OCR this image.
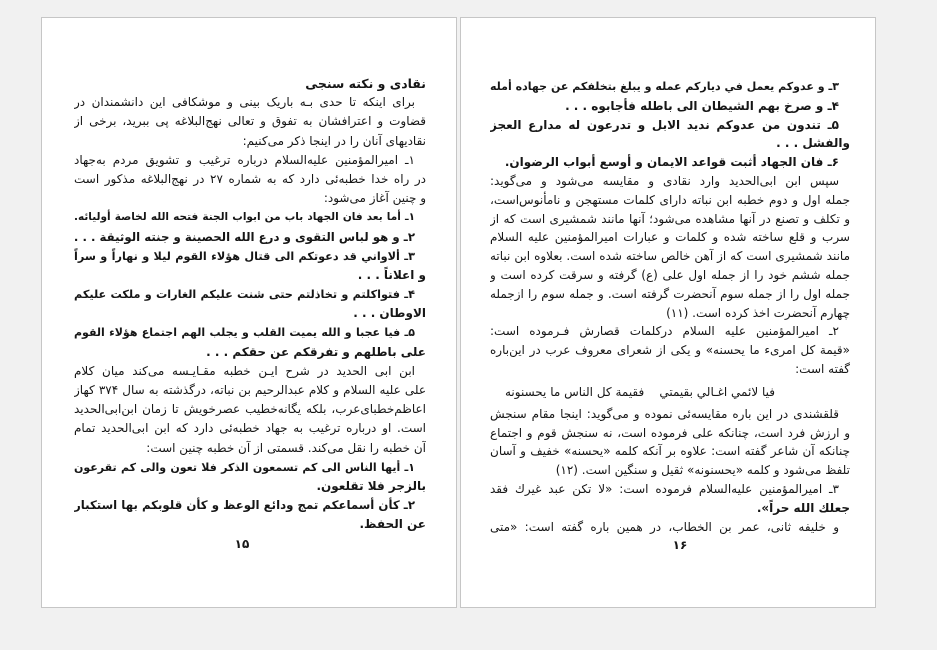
نقادی و نکته سنجی
برای اینکه تا حدی بـه باریک بینی و موشکافی این دانشمندان در
قضاوت و اعترافشان به تفوق و تعالی نهج‌البلاغه پی ببرید، برخی از
نقادیهای آنان را در اینجا ذکر می‌کنیم:
۱ـ امیرالمؤمنین علیه‌السلام درباره ترغیب و تشویق مردم به‌جهاد
در راه خدا خطبه‌ئی دارد که به شماره ۲۷ در نهج‌البلاغه مذکور است
و چنین آغاز می‌شود:
۱ـ أما بعد فان الجهاد باب من ابواب الجنة فتحه الله لخاصة أوليائه.
۲ـ و هو لباس التقوى و درع الله الحصينة و جنته الوثيقة . . .
۳ـ ألاواني قد دعوتكم الى قتال هؤلاء القوم ليلا و نهاراً و سراً
و اعلاناً . . .
۴ـ فتواكلتم و تخاذلتم حتى شنت عليكم الغارات و ملكت عليكم
الاوطان . . .
۵ـ فيا عجبا و الله يميت القلب و يجلب الهم اجتماع هؤلاء القوم
على باطلهم و تفرقكم عن حقكم . . .
ابن ابی الحدید در شرح ایـن خطبه مقـایـسه می‌کند میان کلام
علی علیه السلام و کلام عبدالرحیم بن نباته، درگذشته به سال ۳۷۴ کهاز
اعاظم‌خطبای‌عرب، بلکه یگانه‌خطیب عصرخویش تا زمان ابن‌ابی‌الحدید
است. او درباره ترغیب به جهاد خطبه‌ئی دارد که ابن ابی‌الحدید تمام
آن خطبه را نقل می‌کند. قسمتی از آن خطبه چنین است:
۱ـ أيها الناس الى كم تسمعون الذكر فلا تعون والى كم تقرعون
بالزجر فلا تقلعون.
۲ـ كأن أسماعكم تمج ودائع الوعظ و كأن قلوبكم بها استكبار
عن الحفظ.
۱۵
۳ـ و عدوكم يعمل في دياركم عمله و يبلغ بتخلفكم عن جهاده أمله
۴ـ و صرخ بهم الشيطان الى باطله فأجابوه . . .
۵ـ تندون من عدوكم نديد الابل و تدرعون له مدارع العجز
والفشل . . .
۶ـ فان الجهاد أثبت قواعد الايمان و أوسع أبواب الرضوان.
سپس ابن ابی‌الحدید وارد نقادی و مقایسه می‌شود و می‌گوید:
جمله اول و دوم خطبه ابن نباته دارای کلمات مستهجن و نامأنوس‌است،
و تکلف و تصنع در آنها مشاهده می‌شود؛ آنها مانند شمشیری است که از
سرب و قلع ساخته شده و کلمات و عبارات امیرالمؤمنین علیه السلام
مانند شمشیری است که از آهن خالص ساخته شده است. بعلاوه ابن نباته
جمله ششم خود را از جمله اول علی (ع) گرفته و سرقت کرده است و
جمله اول را از جمله سوم آنحضرت گرفته است. و جمله سوم را ازجمله
چهارم آنحضرت اخذ کرده است. (۱۱)
۲ـ امیرالمؤمنین علیه السلام درکلمات قصارش فـرموده است:
«قيمة كل امرىء ما يحسنه» و یکی از شعرای معروف عرب در این‌باره
گفته است:
فيا لائمي اغـالي بقيمتي
فقيمة كل الناس ما يحسنونه
قلقشندی در این باره مقایسه‌ئی نموده و می‌گوید: اینجا مقام سنجش
و ارزش فرد است، چنانکه علی فرموده است، نه سنجش قوم و اجتماع
چنانکه آن شاعر گفته است: علاوه بر آنکه کلمه «یحسنه» خفیف و آسان
تلفظ می‌شود و کلمه «یحسنونه» ثقیل و سنگین است. (۱۲)
۳ـ امیرالمؤمنین علیه‌السلام فرموده است: «لا تكن عبد غيرك فقد
جعلك الله حراً».
و خلیفه ثانی، عمر بن الخطاب، در همین باره گفته است: «متی
۱۶
